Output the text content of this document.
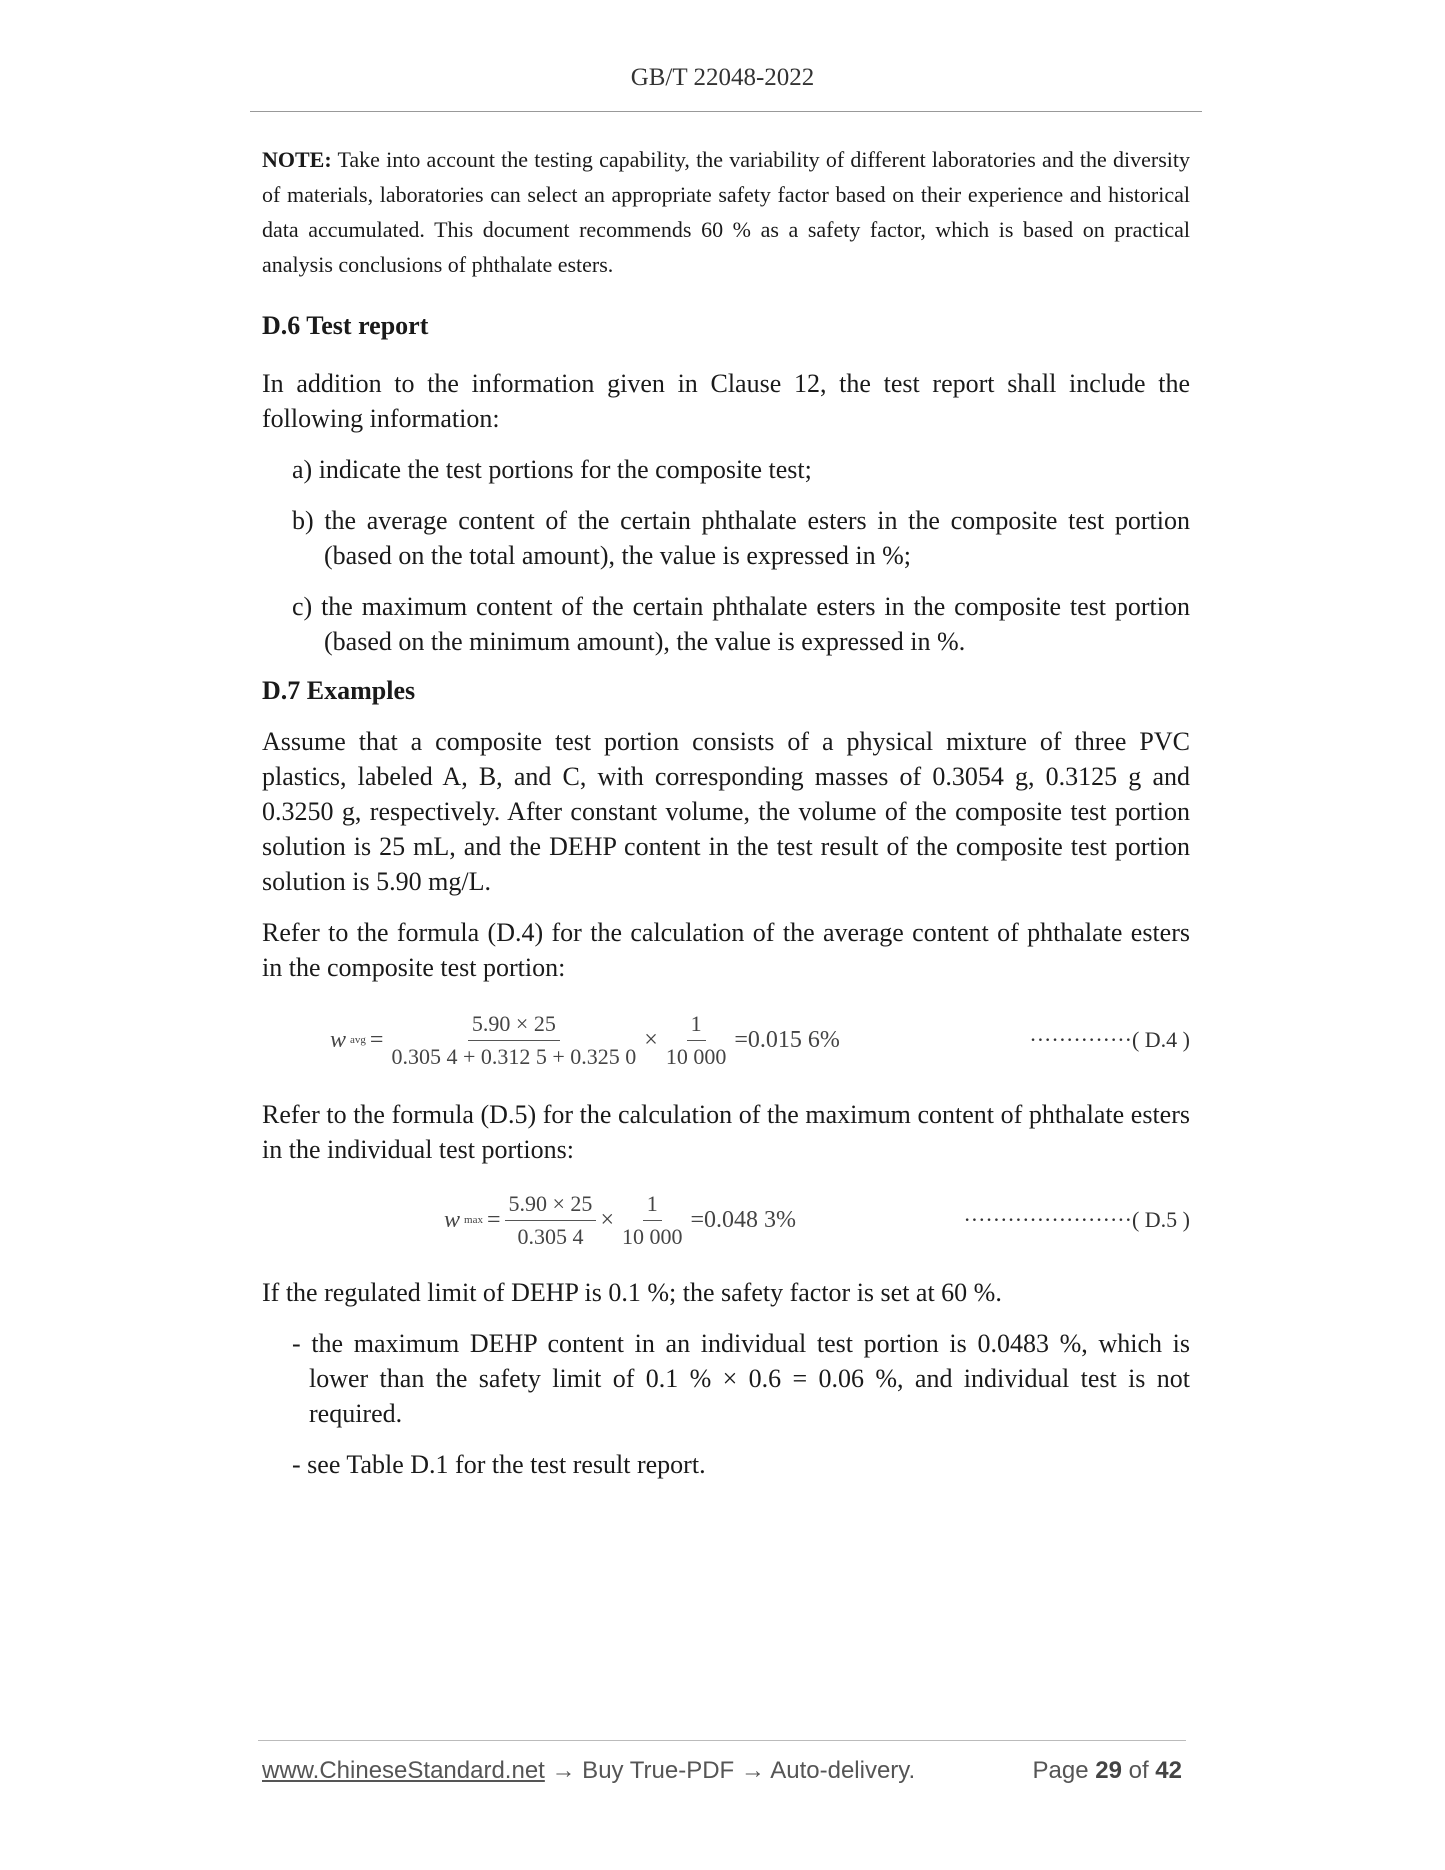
GB/T 22048-2022

NOTE: Take into account the testing capability, the variability of different laboratories and the diversity of materials, laboratories can select an appropriate safety factor based on their experience and historical data accumulated. This document recommends 60 % as a safety factor, which is based on practical analysis conclusions of phthalate esters.

D.6 Test report

In addition to the information given in Clause 12, the test report shall include the following information:

a) indicate the test portions for the composite test;

b) the average content of the certain phthalate esters in the composite test portion (based on the total amount), the value is expressed in %;

c) the maximum content of the certain phthalate esters in the composite test portion (based on the minimum amount), the value is expressed in %.

D.7 Examples

Assume that a composite test portion consists of a physical mixture of three PVC plastics, labeled A, B, and C, with corresponding masses of 0.3054 g, 0.3125 g and 0.3250 g, respectively. After constant volume, the volume of the composite test portion solution is 25 mL, and the DEHP content in the test result of the composite test portion solution is 5.90 mg/L.

Refer to the formula (D.4) for the calculation of the average content of phthalate esters in the composite test portion:

w avg = $\frac{5.90 \times 25}{0.305 4 + 0.312 5 + 0.325 0} \times \frac{1}{10 000} =0.015$ 6%	··············( D.4 )

Refer to the formula (D.5) for the calculation of the maximum content of phthalate esters in the individual test portions:

w $\max = \frac{5.90 \times 25}{0.305 4} \times \frac{1}{10 000} =0.048$ 3%	·······················( D.5 )

If the regulated limit of DEHP is 0.1 %; the safety factor is set at 60 %.

- the maximum DEHP content in an individual test portion is 0.0483 %, which is lower than the safety limit of 0.1 % × 0.6 = 0.06 %, and individual test is not required.

- see Table D.1 for the test result report.

www.ChineseStandard.net → Buy True-PDF → Auto-delivery.	Page 29 of 42
